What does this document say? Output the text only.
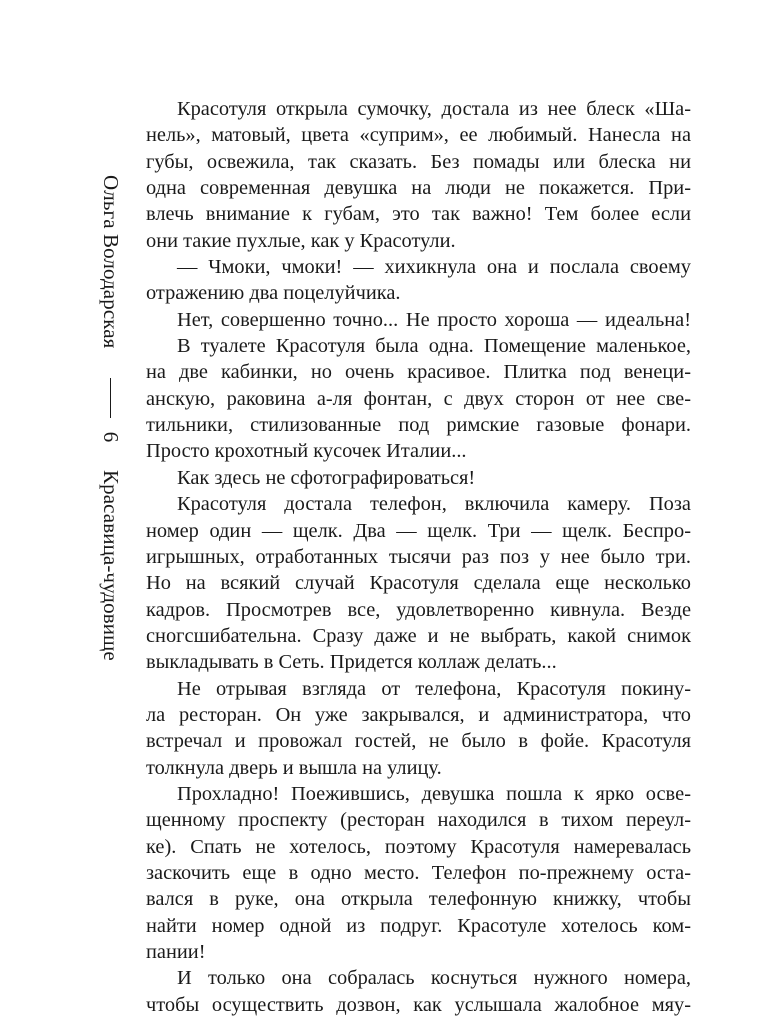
Ольга Володарская
6
Красавица-чудовище
Красотуля открыла сумочку, достала из нее блеск «Ша-
нель», матовый, цвета «суприм», ее любимый. Нанесла на
губы, освежила, так сказать. Без помады или блеска ни
одна современная девушка на люди не покажется. При-
влечь внимание к губам, это так важно! Тем более если
они такие пухлые, как у Красотули.
— Чмоки, чмоки! — хихикнула она и послала своему
отражению два поцелуйчика.
Нет, совершенно точно... Не просто хороша — идеальна!
В туалете Красотуля была одна. Помещение маленькое,
на две кабинки, но очень красивое. Плитка под венеци-
анскую, раковина а-ля фонтан, с двух сторон от нее све-
тильники, стилизованные под римские газовые фонари.
Просто крохотный кусочек Италии...
Как здесь не сфотографироваться!
Красотуля достала телефон, включила камеру. Поза
номер один — щелк. Два — щелк. Три — щелк. Беспро-
игрышных, отработанных тысячи раз поз у нее было три.
Но на всякий случай Красотуля сделала еще несколько
кадров. Просмотрев все, удовлетворенно кивнула. Везде
сногсшибательна. Сразу даже и не выбрать, какой снимок
выкладывать в Сеть. Придется коллаж делать...
Не отрывая взгляда от телефона, Красотуля покину-
ла ресторан. Он уже закрывался, и администратора, что
встречал и провожал гостей, не было в фойе. Красотуля
толкнула дверь и вышла на улицу.
Прохладно! Поежившись, девушка пошла к ярко освe-
щенному проспекту (ресторан находился в тихом переул-
ке). Спать не хотелось, поэтому Красотуля намеревалась
заскочить еще в одно место. Телефон по-прежнему оста-
вался в руке, она открыла телефонную книжку, чтобы
найти номер одной из подруг. Красотуле хотелось ком-
пании!
И только она собралась коснуться нужного номера,
чтобы осуществить дозвон, как услышала жалобное мяу-
